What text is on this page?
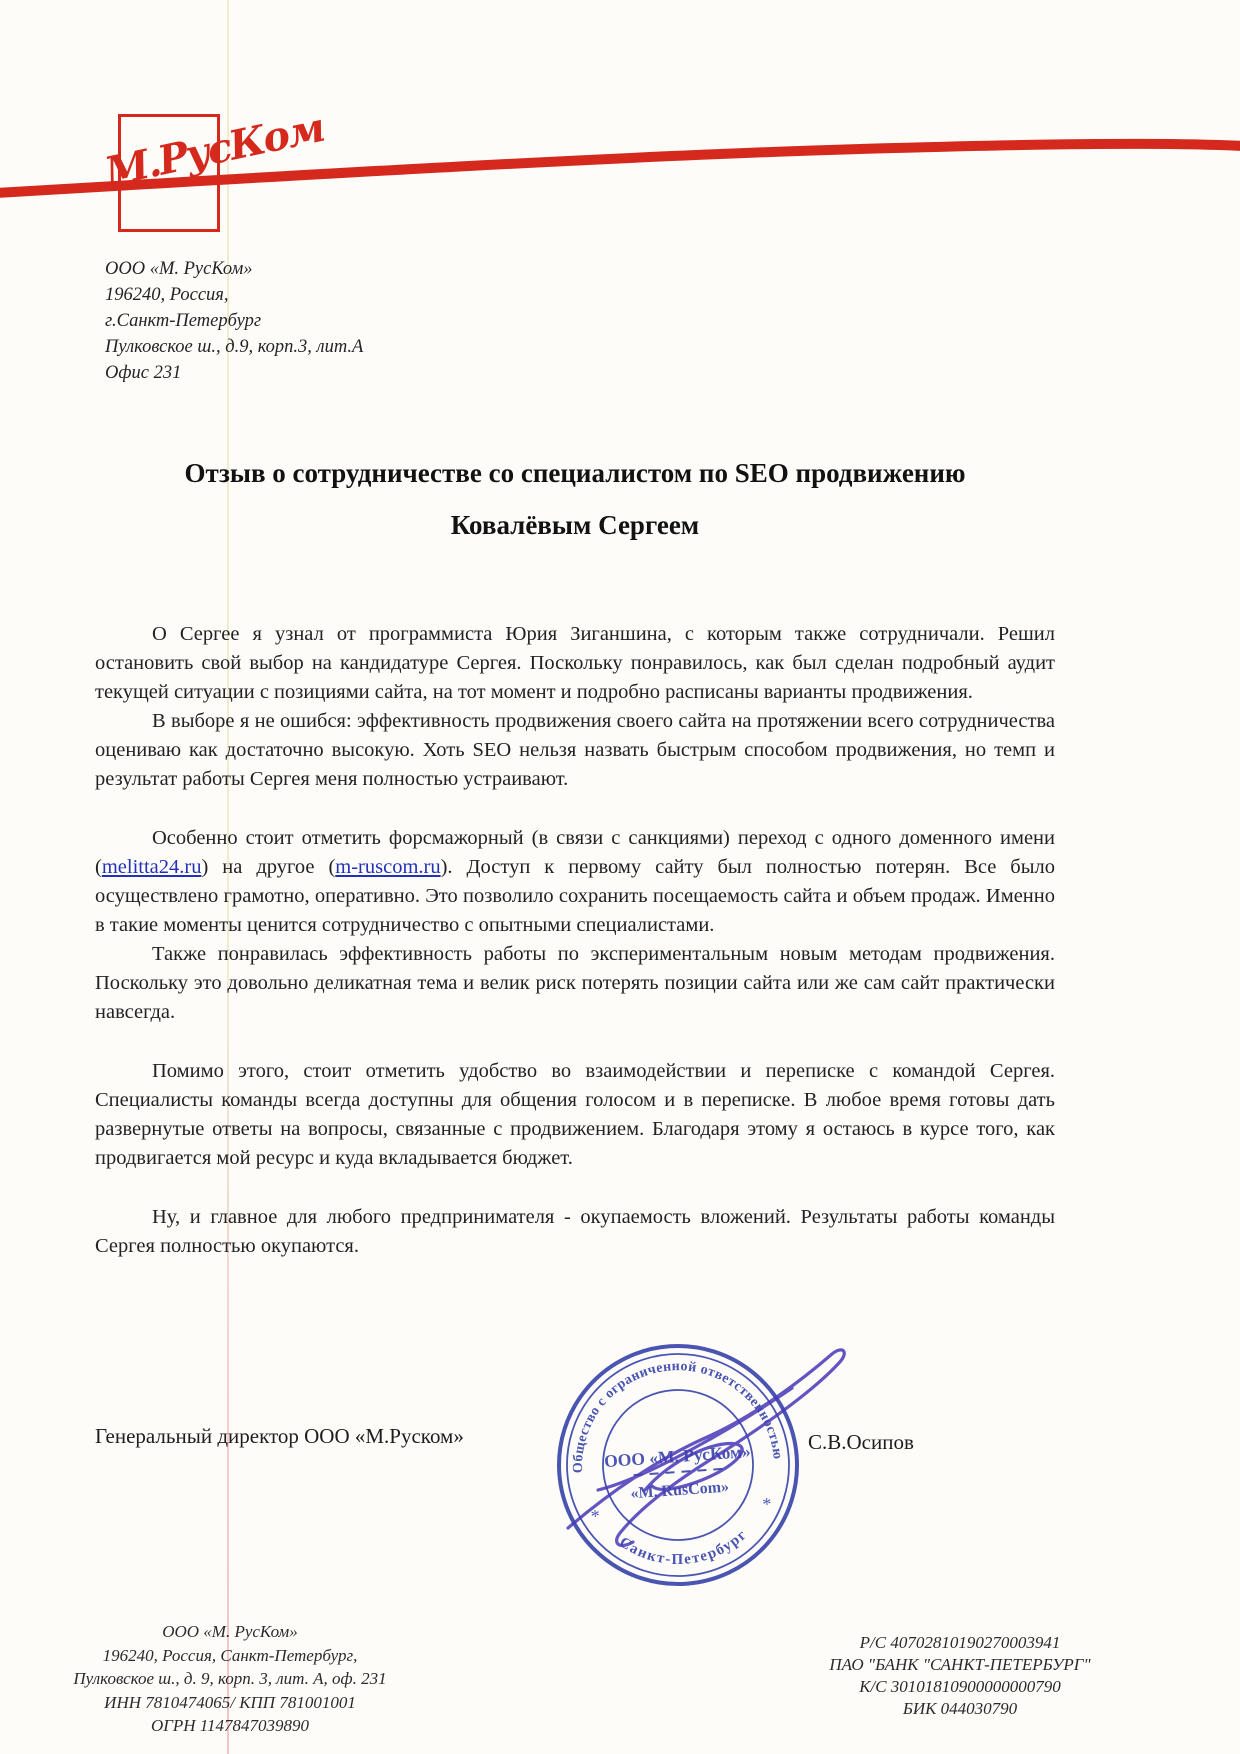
М.РусКом
ООО «М. РусКом»
196240, Россия,
г.Санкт-Петербург
Пулковское ш., д.9, корп.3, лит.А
Офис 231
Отзыв о сотрудничестве со специалистом по SEO продвижению
Ковалёвым Сергеем

О Сергее я узнал от программиста Юрия Зиганшина, с которым также сотрудничали. Решил остановить свой выбор на кандидатуре Сергея. Поскольку понравилось, как был сделан подробный аудит текущей ситуации с позициями сайта, на тот момент и подробно расписаны варианты продвижения.

В выборе я не ошибся: эффективность продвижения своего сайта на протяжении всего сотрудничества оцениваю как достаточно высокую. Хоть SEO нельзя назвать быстрым способом продвижения, но темп и результат работы Сергея меня полностью устраивают.

Особенно стоит отметить форсмажорный (в связи с санкциями) переход с одного доменного имени (melitta24.ru) на другое (m-ruscom.ru). Доступ к первому сайту был полностью потерян. Все было осуществлено грамотно, оперативно. Это позволило сохранить посещаемость сайта и объем продаж. Именно в такие моменты ценится сотрудничество с опытными специалистами.

Также понравилась эффективность работы по экспериментальным новым методам продвижения. Поскольку это довольно деликатная тема и велик риск потерять позиции сайта или же сам сайт практически навсегда.

Помимо этого, стоит отметить удобство во взаимодействии и переписке с командой Сергея. Специалисты команды всегда доступны для общения голосом и в переписке. В любое время готовы дать развернутые ответы на вопросы, связанные с продвижением. Благодаря этому я остаюсь в курсе того, как продвигается мой ресурс и куда вкладывается бюджет.

Ну, и главное для любого предпринимателя - окупаемость вложений. Результаты работы команды Сергея полностью окупаются.

Генеральный директор ООО «М.Руском»	С.В.Осипов
Общество с ограниченной ответственностью
Санкт-Петербург
*
*
ООО «М. РусКом»
«M. RusCom»
ООО «М. РусКом»
196240, Россия, Санкт-Петербург,
Пулковское ш., д. 9, корп. 3, лит. А, оф. 231
ИНН 7810474065/ КПП 781001001
ОГРН 1147847039890
Р/С 40702810190270003941
ПАО "БАНК "САНКТ-ПЕТЕРБУРГ"
К/С 30101810900000000790
БИК 044030790
